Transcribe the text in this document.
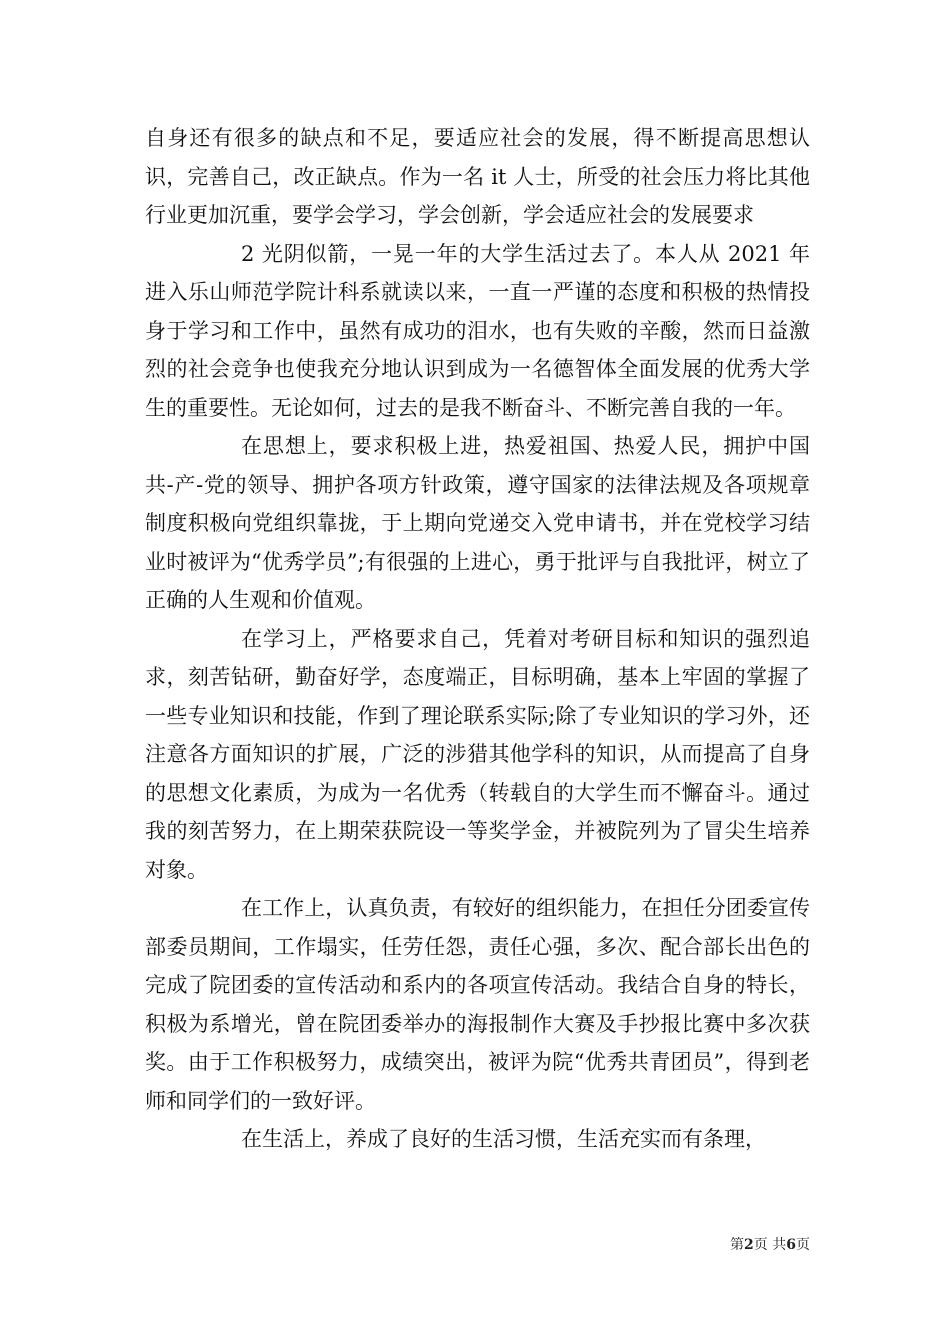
自身还有很多的缺点和不足，要适应社会的发展，得不断提高思想认识，完善自己，改正缺点。作为一名 it 人士，所受的社会压力将比其他行业更加沉重，要学会学习，学会创新，学会适应社会的发展要求

2 光阴似箭，一晃一年的大学生活过去了。本人从 2021 年进入乐山师范学院计科系就读以来，一直一严谨的态度和积极的热情投身于学习和工作中，虽然有成功的泪水，也有失败的辛酸，然而日益激烈的社会竞争也使我充分地认识到成为一名德智体全面发展的优秀大学生的重要性。无论如何，过去的是我不断奋斗、不断完善自我的一年。

在思想上，要求积极上进，热爱祖国、热爱人民，拥护中国共-产-党的领导、拥护各项方针政策，遵守国家的法律法规及各项规章制度积极向党组织靠拢，于上期向党递交入党申请书，并在党校学习结业时被评为“优秀学员”;有很强的上进心，勇于批评与自我批评，树立了正确的人生观和价值观。

在学习上，严格要求自己，凭着对考研目标和知识的强烈追求，刻苦钻研，勤奋好学，态度端正，目标明确，基本上牢固的掌握了一些专业知识和技能，作到了理论联系实际;除了专业知识的学习外，还注意各方面知识的扩展，广泛的涉猎其他学科的知识，从而提高了自身的思想文化素质，为成为一名优秀（转载自的大学生而不懈奋斗。通过我的刻苦努力，在上期荣获院设一等奖学金，并被院列为了冒尖生培养对象。

在工作上，认真负责，有较好的组织能力，在担任分团委宣传部委员期间，工作塌实，任劳任怨，责任心强，多次、配合部长出色的完成了院团委的宣传活动和系内的各项宣传活动。我结合自身的特长，积极为系增光，曾在院团委举办的海报制作大赛及手抄报比赛中多次获奖。由于工作积极努力，成绩突出，被评为院“优秀共青团员”，得到老师和同学们的一致好评。

在生活上，养成了良好的生活习惯，生活充实而有条理，

第2页 共6页
